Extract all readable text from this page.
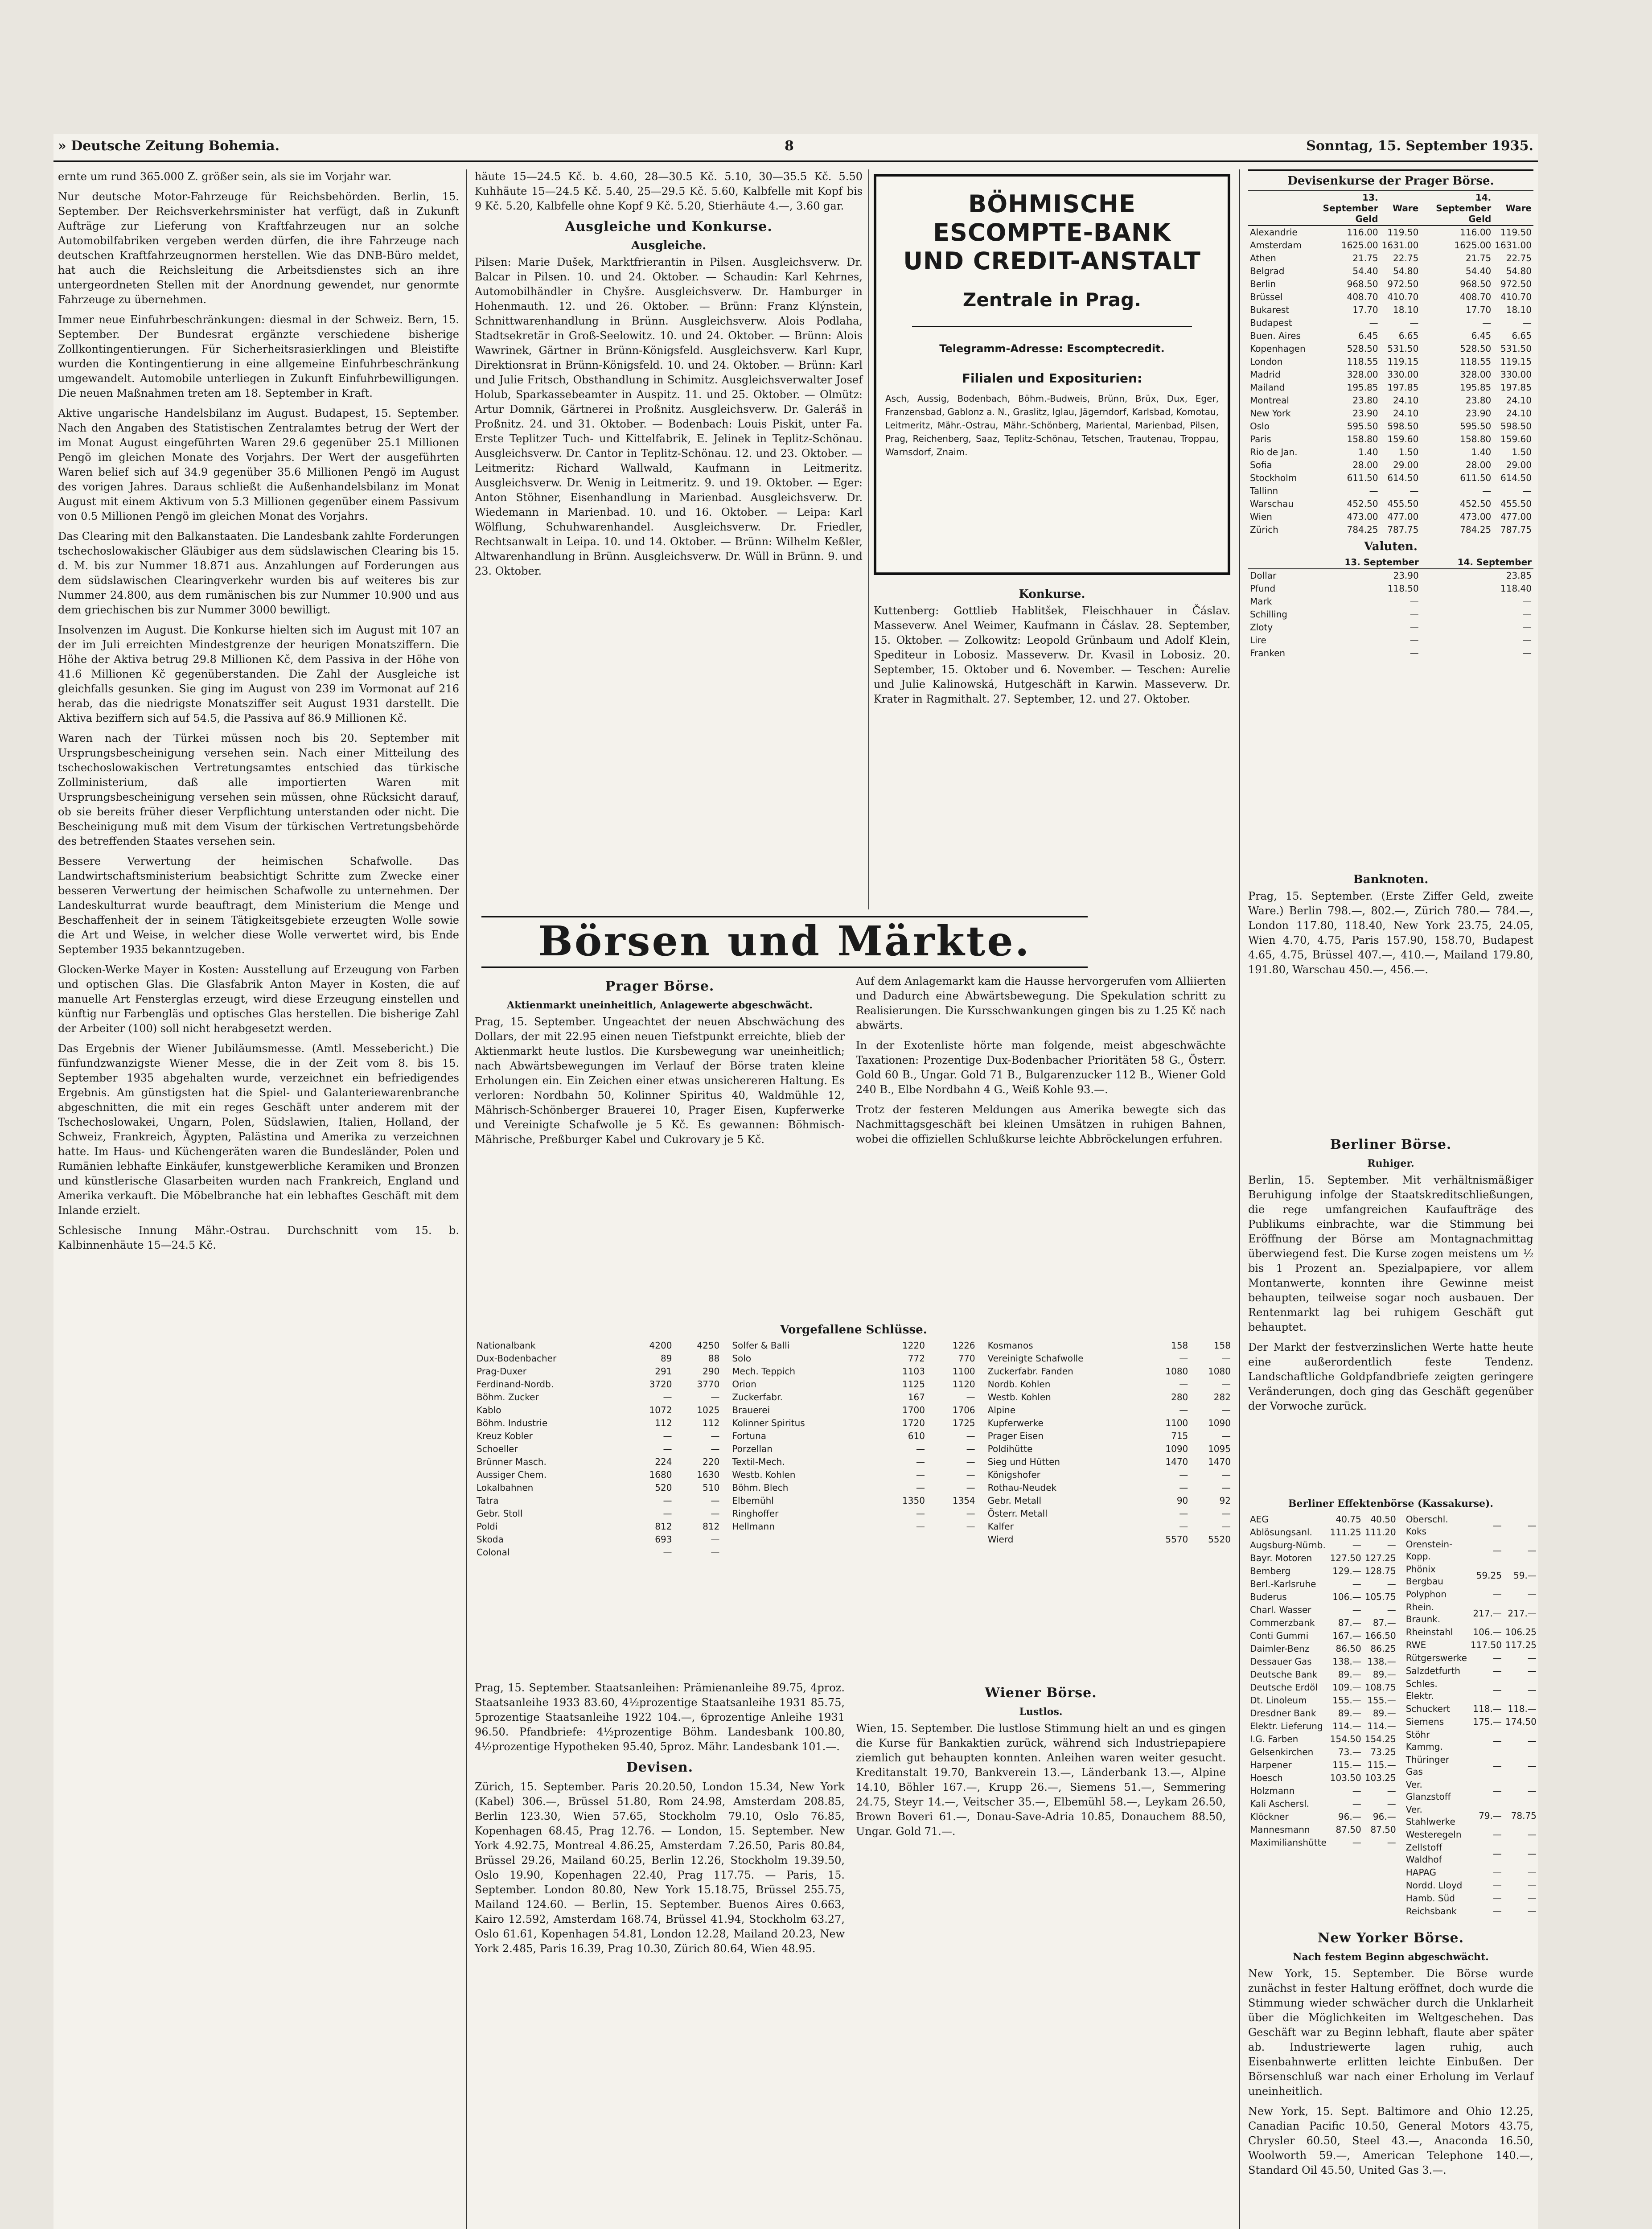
» Deutsche Zeitung Bohemia.	8	Sonntag, 15. September 1935.

ernte um rund 365.000 Z. größer sein, als sie im Vorjahr war.

Nur deutsche Motor-Fahrzeuge für Reichsbehörden. Berlin, 15. September. Der Reichsverkehrsminister hat verfügt, daß in Zukunft Aufträge zur Lieferung von Kraftfahrzeugen nur an solche Automobilfabriken vergeben werden dürfen, die ihre Fahrzeuge nach deutschen Kraftfahrzeugnormen herstellen. Wie das DNB-Büro meldet, hat auch die Reichsleitung die Arbeitsdienstes sich an ihre untergeordneten Stellen mit der Anordnung gewendet, nur genormte Fahrzeuge zu übernehmen.

Immer neue Einfuhrbeschränkungen: diesmal in der Schweiz. Bern, 15. September. Der Bundesrat ergänzte verschiedene bisherige Zollkontingentierungen. Für Sicherheitsrasierklingen und Bleistifte wurden die Kontingentierung in eine allgemeine Einfuhrbeschränkung umgewandelt. Automobile unterliegen in Zukunft Einfuhrbewilligungen. Die neuen Maßnahmen treten am 18. September in Kraft.

Aktive ungarische Handelsbilanz im August. Budapest, 15. September. Nach den Angaben des Statistischen Zentralamtes betrug der Wert der im Monat August eingeführten Waren 29.6 gegenüber 25.1 Millionen Pengö im gleichen Monate des Vorjahrs. Der Wert der ausgeführten Waren belief sich auf 34.9 gegenüber 35.6 Millionen Pengö im August des vorigen Jahres. Daraus schließt die Außenhandelsbilanz im Monat August mit einem Aktivum von 5.3 Millionen gegenüber einem Passivum von 0.5 Millionen Pengö im gleichen Monat des Vorjahrs.

Das Clearing mit den Balkanstaaten. Die Landesbank zahlte Forderungen tschechoslowakischer Gläubiger aus dem südslawischen Clearing bis 15. d. M. bis zur Nummer 18.871 aus. Anzahlungen auf Forderungen aus dem südslawischen Clearingverkehr wurden bis auf weiteres bis zur Nummer 24.800, aus dem rumänischen bis zur Nummer 10.900 und aus dem griechischen bis zur Nummer 3000 bewilligt.

Insolvenzen im August. Die Konkurse hielten sich im August mit 107 an der im Juli erreichten Mindestgrenze der heurigen Monatsziffern. Die Höhe der Aktiva betrug 29.8 Millionen Kč, dem Passiva in der Höhe von 41.6 Millionen Kč gegenüberstanden. Die Zahl der Ausgleiche ist gleichfalls gesunken. Sie ging im August von 239 im Vormonat auf 216 herab, das die niedrigste Monatsziffer seit August 1931 darstellt. Die Aktiva beziffern sich auf 54.5, die Passiva auf 86.9 Millionen Kč.

Waren nach der Türkei müssen noch bis 20. September mit Ursprungsbescheinigung versehen sein. Nach einer Mitteilung des tschechoslowakischen Vertretungsamtes entschied das türkische Zollministerium, daß alle importierten Waren mit Ursprungsbescheinigung versehen sein müssen, ohne Rücksicht darauf, ob sie bereits früher dieser Verpflichtung unterstanden oder nicht. Die Bescheinigung muß mit dem Visum der türkischen Vertretungsbehörde des betreffenden Staates versehen sein.

Bessere Verwertung der heimischen Schafwolle. Das Landwirtschaftsministerium beabsichtigt Schritte zum Zwecke einer besseren Verwertung der heimischen Schafwolle zu unternehmen. Der Landeskulturrat wurde beauftragt, dem Ministerium die Menge und Beschaffenheit der in seinem Tätigkeitsgebiete erzeugten Wolle sowie die Art und Weise, in welcher diese Wolle verwertet wird, bis Ende September 1935 bekanntzugeben.

Glocken-Werke Mayer in Kosten: Ausstellung auf Erzeugung von Farben und optischen Glas. Die Glasfabrik Anton Mayer in Kosten, die auf manuelle Art Fensterglas erzeugt, wird diese Erzeugung einstellen und künftig nur Farbengläs und optisches Glas herstellen. Die bisherige Zahl der Arbeiter (100) soll nicht herabgesetzt werden.

Das Ergebnis der Wiener Jubiläumsmesse. (Amtl. Messebericht.) Die fünfundzwanzigste Wiener Messe, die in der Zeit vom 8. bis 15. September 1935 abgehalten wurde, verzeichnet ein befriedigendes Ergebnis. Am günstigsten hat die Spiel- und Galanteriewarenbranche abgeschnitten, die mit ein reges Geschäft unter anderem mit der Tschechoslowakei, Ungarn, Polen, Südslawien, Italien, Holland, der Schweiz, Frankreich, Ägypten, Palästina und Amerika zu verzeichnen hatte. Im Haus- und Küchengeräten waren die Bundesländer, Polen und Rumänien lebhafte Einkäufer, kunstgewerbliche Keramiken und Bronzen und künstlerische Glasarbeiten wurden nach Frankreich, England und Amerika verkauft. Die Möbelbranche hat ein lebhaftes Geschäft mit dem Inlande erzielt.

Schlesische Innung Mähr.-Ostrau. Durchschnitt vom 15. b. Kalbinnenhäute 15—24.5 Kč.

häute 15—24.5 Kč. b. 4.60, 28—30.5 Kč. 5.10, 30—35.5 Kč. 5.50 Kuhhäute 15—24.5 Kč. 5.40, 25—29.5 Kč. 5.60, Kalbfelle mit Kopf bis 9 Kč. 5.20, Kalbfelle ohne Kopf 9 Kč. 5.20, Stierhäute 4.—, 3.60 gar.

Ausgleiche und Konkurse.
Ausgleiche.

Pilsen: Marie Dušek, Marktfrierantin in Pilsen. Ausgleichsverw. Dr. Balcar in Pilsen. 10. und 24. Oktober. — Schaudin: Karl Kehrnes, Automobilhändler in Chyšre. Ausgleichsverw. Dr. Hamburger in Hohenmauth. 12. und 26. Oktober. — Brünn: Franz Klýnstein, Schnittwarenhandlung in Brünn. Ausgleichsverw. Alois Podlaha, Stadtsekretär in Groß-Seelowitz. 10. und 24. Oktober. — Brünn: Alois Wawrinek, Gärtner in Brünn-Königsfeld. Ausgleichsverw. Karl Kupr, Direktionsrat in Brünn-Königsfeld. 10. und 24. Oktober. — Brünn: Karl und Julie Fritsch, Obsthandlung in Schimitz. Ausgleichsverwalter Josef Holub, Sparkassebeamter in Auspitz. 11. und 25. Oktober. — Olmütz: Artur Domnik, Gärtnerei in Proßnitz. Ausgleichsverw. Dr. Galeráš in Proßnitz. 24. und 31. Oktober. — Bodenbach: Louis Piskit, unter Fa. Erste Teplitzer Tuch- und Kittelfabrik, E. Jelinek in Teplitz-Schönau. Ausgleichsverw. Dr. Cantor in Teplitz-Schönau. 12. und 23. Oktober. — Leitmeritz: Richard Wallwald, Kaufmann in Leitmeritz. Ausgleichsverw. Dr. Wenig in Leitmeritz. 9. und 19. Oktober. — Eger: Anton Stöhner, Eisenhandlung in Marienbad. Ausgleichsverw. Dr. Wiedemann in Marienbad. 10. und 16. Oktober. — Leipa: Karl Wölflung, Schuhwarenhandel. Ausgleichsverw. Dr. Friedler, Rechtsanwalt in Leipa. 10. und 14. Oktober. — Brünn: Wilhelm Keßler, Altwarenhandlung in Brünn. Ausgleichsverw. Dr. Wüll in Brünn. 9. und 23. Oktober.

BÖHMISCHE ESCOMPTE-BANK
UND CREDIT-ANSTALT
Zentrale in Prag.
Telegramm-Adresse: Escomptecredit.
Filialen und Expositurien:
Asch, Aussig, Bodenbach, Böhm.-Budweis, Brünn, Brüx, Dux, Eger, Franzensbad, Gablonz a. N., Graslitz, Iglau, Jägerndorf, Karlsbad, Komotau, Leitmeritz, Mähr.-Ostrau, Mähr.-Schönberg, Mariental, Marienbad, Pilsen, Prag, Reichenberg, Saaz, Teplitz-Schönau, Tetschen, Trautenau, Troppau, Warnsdorf, Znaim.
Konkurse.

Kuttenberg: Gottlieb Hablitšek, Fleischhauer in Čáslav. Masseverw. Anel Weimer, Kaufmann in Čáslav. 28. September, 15. Oktober. — Zolkowitz: Leopold Grünbaum und Adolf Klein, Spediteur in Lobosiz. Masseverw. Dr. Kvasil in Lobosiz. 20. September, 15. Oktober und 6. November. — Teschen: Aurelie und Julie Kalinowská, Hutgeschäft in Karwin. Masseverw. Dr. Krater in Ragmithalt. 27. September, 12. und 27. Oktober.

Börsen und Märkte.
Prager Börse.
Aktienmarkt uneinheitlich, Anlagewerte abgeschwächt.

Prag, 15. September. Ungeachtet der neuen Abschwächung des Dollars, der mit 22.95 einen neuen Tiefstpunkt erreichte, blieb der Aktienmarkt heute lustlos. Die Kursbewegung war uneinheitlich; nach Abwärtsbewegungen im Verlauf der Börse traten kleine Erholungen ein. Ein Zeichen einer etwas unsichereren Haltung. Es verloren: Nordbahn 50, Kolinner Spiritus 40, Waldmühle 12, Mährisch-Schönberger Brauerei 10, Prager Eisen, Kupferwerke und Vereinigte Schafwolle je 5 Kč. Es gewannen: Böhmisch-Mährische, Preßburger Kabel und Cukrovary je 5 Kč.

Auf dem Anlagemarkt kam die Hausse hervorgerufen vom Alliierten und Dadurch eine Abwärtsbewegung. Die Spekulation schritt zu Realisierungen. Die Kursschwankungen gingen bis zu 1.25 Kč nach abwärts.

In der Exotenliste hörte man folgende, meist abgeschwächte Taxationen: Prozentige Dux-Bodenbacher Prioritäten 58 G., Österr. Gold 60 B., Ungar. Gold 71 B., Bulgarenzucker 112 B., Wiener Gold 240 B., Elbe Nordbahn 4 G., Weiß Kohle 93.—.

Trotz der festeren Meldungen aus Amerika bewegte sich das Nachmittagsgeschäft bei kleinen Umsätzen in ruhigen Bahnen, wobei die offiziellen Schlußkurse leichte Abbröckelungen erfuhren.

Vorgefallene Schlüsse.
Nationalbank	4200	4250
Dux-Bodenbacher	89	88
Prag-Duxer	291	290
Ferdinand-Nordb.	3720	3770
Böhm. Zucker	—	—
Kablo	1072	1025
Böhm. Industrie	112	112
Kreuz Kobler	—	—
Schoeller	—	—
Brünner Masch.	224	220
Aussiger Chem.	1680	1630
Lokalbahnen	520	510
Tatra	—	—
Gebr. Stoll	—	—
Poldi	812	812
Skoda	693	—
Colonal	—	—
Solfer & Balli	1220	1226
Solo	772	770
Mech. Teppich	1103	1100
Orion	1125	1120
Zuckerfabr.	167	—
Brauerei	1700	1706
Kolinner Spiritus	1720	1725
Fortuna	610	—
Porzellan	—	—
Textil-Mech.	—	—
Westb. Kohlen	—	—
Böhm. Blech	—	—
Elbemühl	1350	1354
Ringhoffer	—	—
Hellmann	—	—
Kosmanos	158	158
Vereinigte Schafwolle	—	—
Zuckerfabr. Fanden	1080	1080
Nordb. Kohlen	—	—
Westb. Kohlen	280	282
Alpine	—	—
Kupferwerke	1100	1090
Prager Eisen	715	—
Poldihütte	1090	1095
Sieg und Hütten	1470	1470
Königshofer	—	—
Rothau-Neudek	—	—
Gebr. Metall	90	92
Österr. Metall	—	—
Kalfer	—	—
Wierd	5570	5520

Prag, 15. September. Staatsanleihen: Prämienanleihe 89.75, 4proz. Staatsanleihe 1933 83.60, 4½prozentige Staatsanleihe 1931 85.75, 5prozentige Staatsanleihe 1922 104.—, 6prozentige Anleihe 1931 96.50. Pfandbriefe: 4½prozentige Böhm. Landesbank 100.80, 4½prozentige Hypotheken 95.40, 5proz. Mähr. Landesbank 101.—.

Devisen.

Zürich, 15. September. Paris 20.20.50, London 15.34, New York (Kabel) 306.—, Brüssel 51.80, Rom 24.98, Amsterdam 208.85, Berlin 123.30, Wien 57.65, Stockholm 79.10, Oslo 76.85, Kopenhagen 68.45, Prag 12.76. — London, 15. September. New York 4.92.75, Montreal 4.86.25, Amsterdam 7.26.50, Paris 80.84, Brüssel 29.26, Mailand 60.25, Berlin 12.26, Stockholm 19.39.50, Oslo 19.90, Kopenhagen 22.40, Prag 117.75. — Paris, 15. September. London 80.80, New York 15.18.75, Brüssel 255.75, Mailand 124.60. — Berlin, 15. September. Buenos Aires 0.663, Kairo 12.592, Amsterdam 168.74, Brüssel 41.94, Stockholm 63.27, Oslo 61.61, Kopenhagen 54.81, London 12.28, Mailand 20.23, New York 2.485, Paris 16.39, Prag 10.30, Zürich 80.64, Wien 48.95.

Wiener Börse.
Lustlos.

Wien, 15. September. Die lustlose Stimmung hielt an und es gingen die Kurse für Bankaktien zurück, während sich Industriepapiere ziemlich gut behaupten konnten. Anleihen waren weiter gesucht. Kreditanstalt 19.70, Bankverein 13.—, Länderbank 13.—, Alpine 14.10, Böhler 167.—, Krupp 26.—, Siemens 51.—, Semmering 24.75, Steyr 14.—, Veitscher 35.—, Elbemühl 58.—, Leykam 26.50, Brown Boveri 61.—, Donau-Save-Adria 10.85, Donauchem 88.50, Ungar. Gold 71.—.

Devisenkurse der Prager Börse.
	13. September Geld	Ware	14. September Geld	Ware
Alexandrie	116.00	119.50	116.00	119.50
Amsterdam	1625.00	1631.00	1625.00	1631.00
Athen	21.75	22.75	21.75	22.75
Belgrad	54.40	54.80	54.40	54.80
Berlin	968.50	972.50	968.50	972.50
Brüssel	408.70	410.70	408.70	410.70
Bukarest	17.70	18.10	17.70	18.10
Budapest	—	—	—	—
Buen. Aires	6.45	6.65	6.45	6.65
Kopenhagen	528.50	531.50	528.50	531.50
London	118.55	119.15	118.55	119.15
Madrid	328.00	330.00	328.00	330.00
Mailand	195.85	197.85	195.85	197.85
Montreal	23.80	24.10	23.80	24.10
New York	23.90	24.10	23.90	24.10
Oslo	595.50	598.50	595.50	598.50
Paris	158.80	159.60	158.80	159.60
Rio de Jan.	1.40	1.50	1.40	1.50
Sofia	28.00	29.00	28.00	29.00
Stockholm	611.50	614.50	611.50	614.50
Tallinn	—	—	—	—
Warschau	452.50	455.50	452.50	455.50
Wien	473.00	477.00	473.00	477.00
Zürich	784.25	787.75	784.25	787.75
Valuten.
	13. September	14. September
Dollar	23.90	23.85
Pfund	118.50	118.40
Mark	—	—
Schilling	—	—
Zloty	—	—
Lire	—	—
Franken	—	—
Banknoten.

Prag, 15. September. (Erste Ziffer Geld, zweite Ware.) Berlin 798.—, 802.—, Zürich 780.— 784.—, London 117.80, 118.40, New York 23.75, 24.05, Wien 4.70, 4.75, Paris 157.90, 158.70, Budapest 4.65, 4.75, Brüssel 407.—, 410.—, Mailand 179.80, 191.80, Warschau 450.—, 456.—.

Berliner Börse.
Ruhiger.

Berlin, 15. September. Mit verhältnismäßiger Beruhigung infolge der Staatskreditschließungen, die rege umfangreichen Kaufaufträge des Publikums einbrachte, war die Stimmung bei Eröffnung der Börse am Montagnachmittag überwiegend fest. Die Kurse zogen meistens um ½ bis 1 Prozent an. Spezialpapiere, vor allem Montanwerte, konnten ihre Gewinne meist behaupten, teilweise sogar noch ausbauen. Der Rentenmarkt lag bei ruhigem Geschäft gut behauptet.

Der Markt der festverzinslichen Werte hatte heute eine außerordentlich feste Tendenz. Landschaftliche Goldpfandbriefe zeigten geringere Veränderungen, doch ging das Geschäft gegenüber der Vorwoche zurück.

Berliner Effektenbörse (Kassakurse).
AEG	40.75	40.50
Ablösungsanl.	111.25	111.20
Augsburg-Nürnb.	—	—
Bayr. Motoren	127.50	127.25
Bemberg	129.—	128.75
Berl.-Karlsruhe	—	—
Buderus	106.—	105.75
Charl. Wasser	—	—
Commerzbank	87.—	87.—
Conti Gummi	167.—	166.50
Daimler-Benz	86.50	86.25
Dessauer Gas	138.—	138.—
Deutsche Bank	89.—	89.—
Deutsche Erdöl	109.—	108.75
Dt. Linoleum	155.—	155.—
Dresdner Bank	89.—	89.—
Elektr. Lieferung	114.—	114.—
I.G. Farben	154.50	154.25
Gelsenkirchen	73.—	73.25
Harpener	115.—	115.—
Hoesch	103.50	103.25
Holzmann	—	—
Kali Aschersl.	—	—
Klöckner	96.—	96.—
Mannesmann	87.50	87.50
Maximilianshütte	—	—
Oberschl. Koks	—	—
Orenstein-Kopp.	—	—
Phönix Bergbau	59.25	59.—
Polyphon	—	—
Rhein. Braunk.	217.—	217.—
Rheinstahl	106.—	106.25
RWE	117.50	117.25
Rütgerswerke	—	—
Salzdetfurth	—	—
Schles. Elektr.	—	—
Schuckert	118.—	118.—
Siemens	175.—	174.50
Stöhr Kammg.	—	—
Thüringer Gas	—	—
Ver. Glanzstoff	—	—
Ver. Stahlwerke	79.—	78.75
Westeregeln	—	—
Zellstoff Waldhof	—	—
HAPAG	—	—
Nordd. Lloyd	—	—
Hamb. Süd	—	—
Reichsbank	—	—
New Yorker Börse.
Nach festem Beginn abgeschwächt.

New York, 15. September. Die Börse wurde zunächst in fester Haltung eröffnet, doch wurde die Stimmung wieder schwächer durch die Unklarheit über die Möglichkeiten im Weltgeschehen. Das Geschäft war zu Beginn lebhaft, flaute aber später ab. Industriewerte lagen ruhig, auch Eisenbahnwerte erlitten leichte Einbußen. Der Börsenschluß war nach einer Erholung im Verlauf uneinheitlich.

New York, 15. Sept. Baltimore and Ohio 12.25, Canadian Pacific 10.50, General Motors 43.75, Chrysler 60.50, Steel 43.—, Anaconda 16.50, Woolworth 59.—, American Telephone 140.—, Standard Oil 45.50, United Gas 3.—.
